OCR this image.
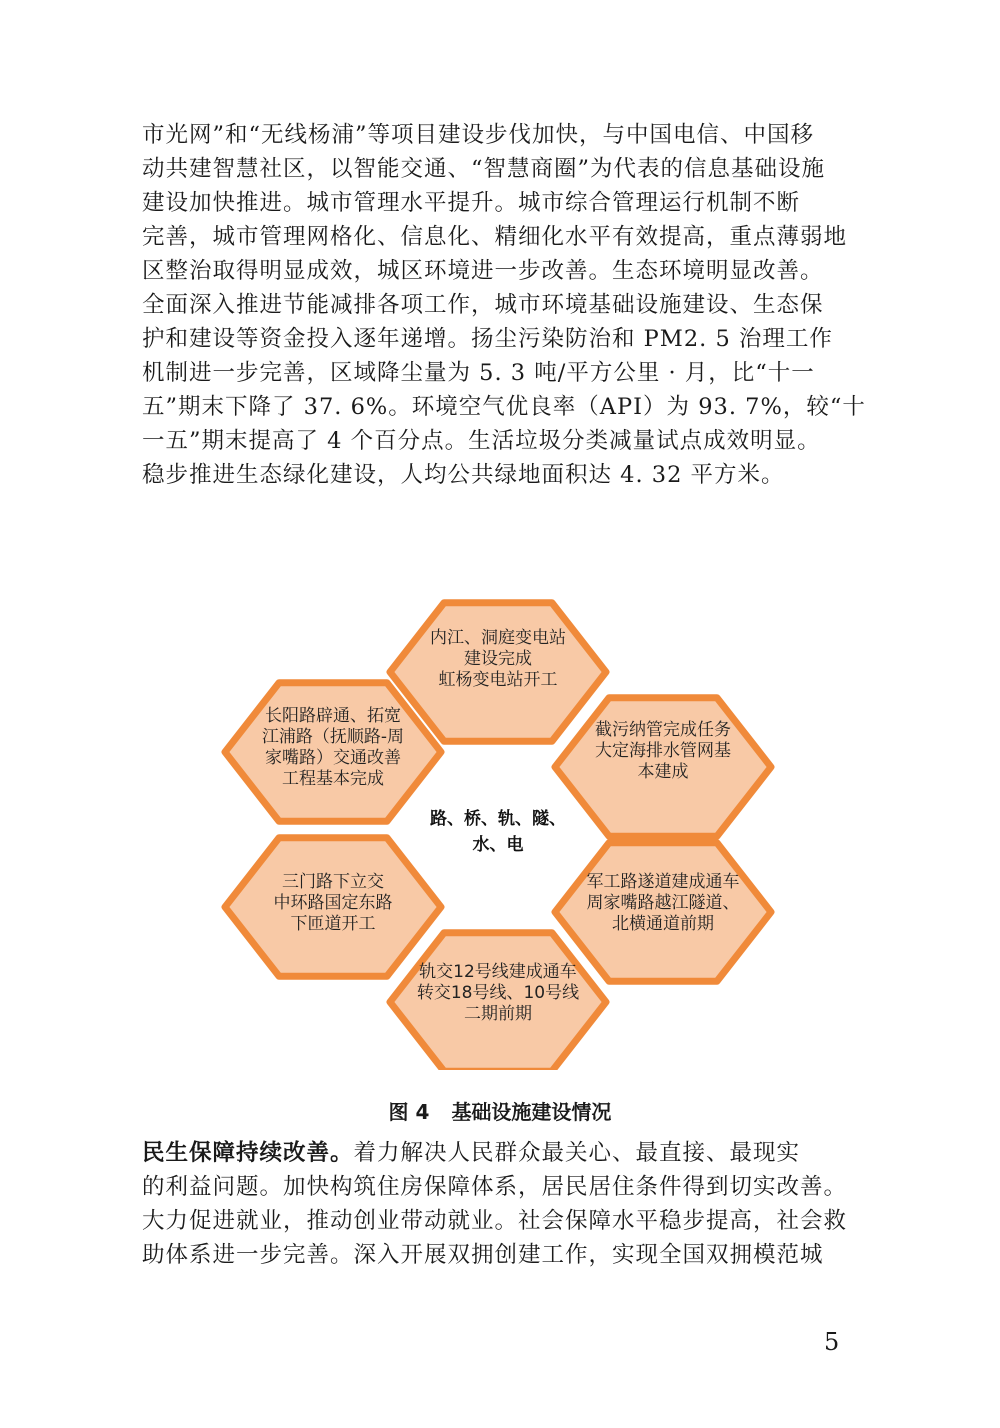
市光网”和“无线杨浦”等项目建设步伐加快，与中国电信、中国移
动共建智慧社区，以智能交通、“智慧商圈”为代表的信息基础设施
建设加快推进。城市管理水平提升。城市综合管理运行机制不断
完善，城市管理网格化、信息化、精细化水平有效提高，重点薄弱地
区整治取得明显成效，城区环境进一步改善。生态环境明显改善。
全面深入推进节能减排各项工作，城市环境基础设施建设、生态保
护和建设等资金投入逐年递增。扬尘污染防治和 PM2. 5 治理工作
机制进一步完善，区域降尘量为 5. 3 吨/平方公里 · 月，比“十一
五”期末下降了 37. 6%。环境空气优良率（API）为 93. 7%，较“十
一五”期末提高了 4 个百分点。生活垃圾分类减量试点成效明显。
稳步推进生态绿化建设，人均公共绿地面积达 4. 32 平方米。
内江、洞庭变电站
建设完成
虹杨变电站开工
截污纳管完成任务
大定海排水管网基
本建成
军工路遂道建成通车
周家嘴路越江隧道、
北横通道前期
轨交12号线建成通车
转交18号线、10号线
二期前期
三门路下立交
中环路国定东路
下匝道开工
长阳路辟通、拓宽
江浦路（抚顺路-周
家嘴路）交通改善
工程基本完成
路、桥、轨、隧、
水、电
图 4 基础设施建设情况
民生保障持续改善。着力解决人民群众最关心、最直接、最现实
的利益问题。加快构筑住房保障体系，居民居住条件得到切实改善。
大力促进就业，推动创业带动就业。社会保障水平稳步提高，社会救
助体系进一步完善。深入开展双拥创建工作，实现全国双拥模范城
5
